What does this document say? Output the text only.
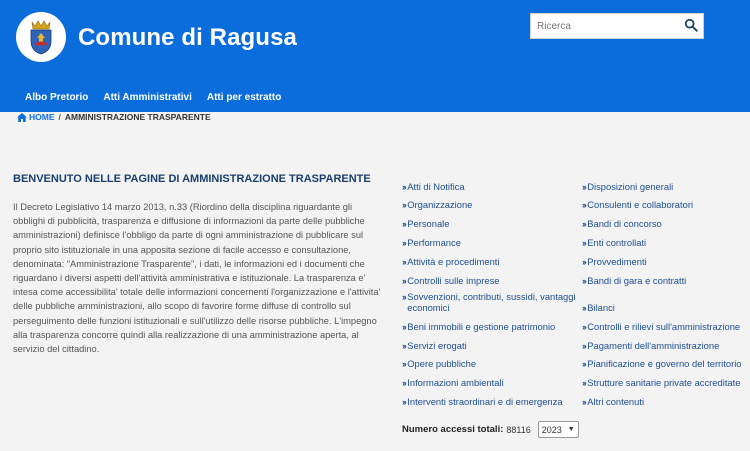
Comune di Ragusa
Ricerca
Albo Pretorio Atti Amministrativi Atti per estratto
HOME / AMMINISTRAZIONE TRASPARENTE
BENVENUTO NELLE PAGINE DI AMMINISTRAZIONE TRASPARENTE
Il Decreto Legislativo 14 marzo 2013, n.33 (Riordino della disciplina riguardante gli obblighi di pubblicità, trasparenza e diffusione di informazioni da parte delle pubbliche amministrazioni) definisce l'obbligo da parte di ogni amministrazione di pubblicare sul proprio sito istituzionale in una apposita sezione di facile accesso e consultazione, denominata: "Amministrazione Trasparente", i dati, le informazioni ed i documenti che riguardano i diversi aspetti dell'attività amministrativa e istituzionale. La trasparenza e' intesa come accessibilita' totale delle informazioni concernenti l'organizzazione e l'attivita' delle pubbliche amministrazioni, allo scopo di favorire forme diffuse di controllo sul perseguimento delle funzioni istituzionali e sull'utilizzo delle risorse pubbliche. L'impegno alla trasparenza concorre quindi alla realizzazione di una amministrazione aperta, al servizio del cittadino.
›› Atti di Notifica
›› Organizzazione
›› Personale
›› Performance
›› Attività e procedimenti
›› Controlli sulle imprese
›› Sovvenzioni, contributi, sussidi, vantaggi economici
›› Beni immobili e gestione patrimonio
›› Servizi erogati
›› Opere pubbliche
›› Informazioni ambientali
›› Interventi straordinari e di emergenza
›› Disposizioni generali
›› Consulenti e collaboratori
›› Bandi di concorso
›› Enti controllati
›› Provvedimenti
›› Bandi di gara e contratti
›› Bilanci
›› Controlli e rilievi sull'amministrazione
›› Pagamenti dell'amministrazione
›› Pianificazione e governo del territorio
›› Strutture sanitarie private accreditate
›› Altri contenuti
Numero accessi totali: 88116 2023 ▼
